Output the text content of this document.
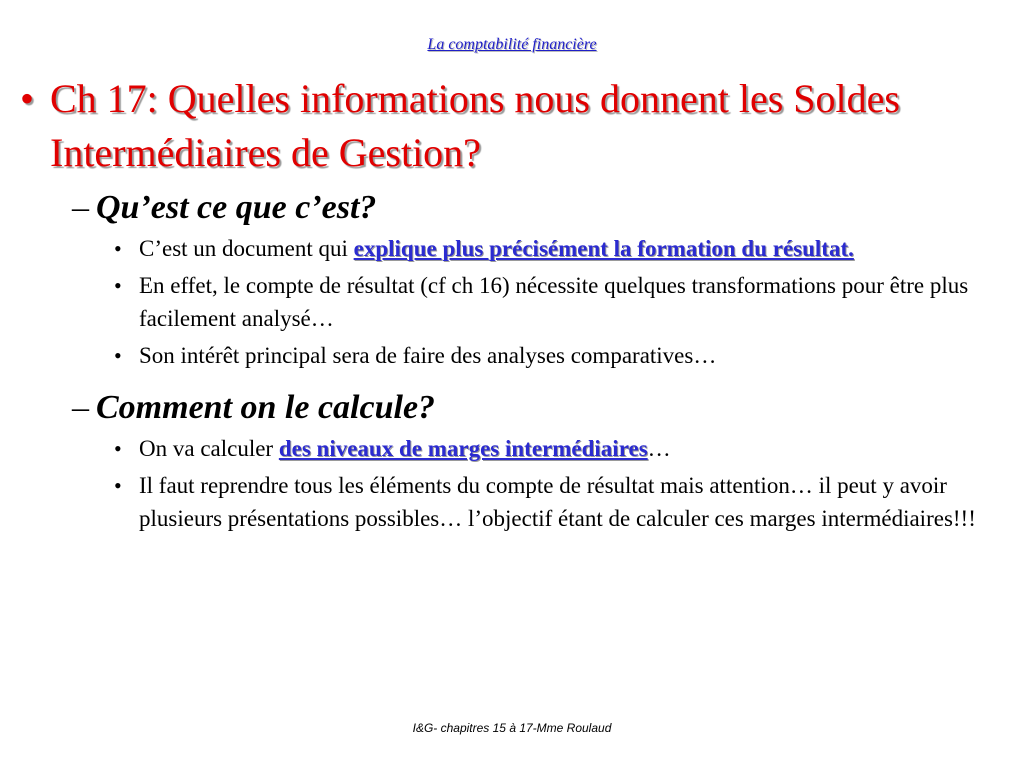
La comptabilité financière
• Ch 17: Quelles informations nous donnent les Soldes Intermédiaires de Gestion?
– Qu’est ce que c’est?
• C’est un document qui explique plus précisément la formation du résultat.
• En effet, le compte de résultat (cf ch 16) nécessite quelques transformations pour être plus facilement analysé…
• Son intérêt principal sera de faire des analyses comparatives…
– Comment on le calcule?
• On va calculer des niveaux de marges intermédiaires…
• Il faut reprendre tous les éléments du compte de résultat mais attention… il peut y avoir plusieurs présentations possibles… l’objectif étant de calculer ces marges intermédiaires!!!
I&G- chapitres 15 à 17-Mme Roulaud
